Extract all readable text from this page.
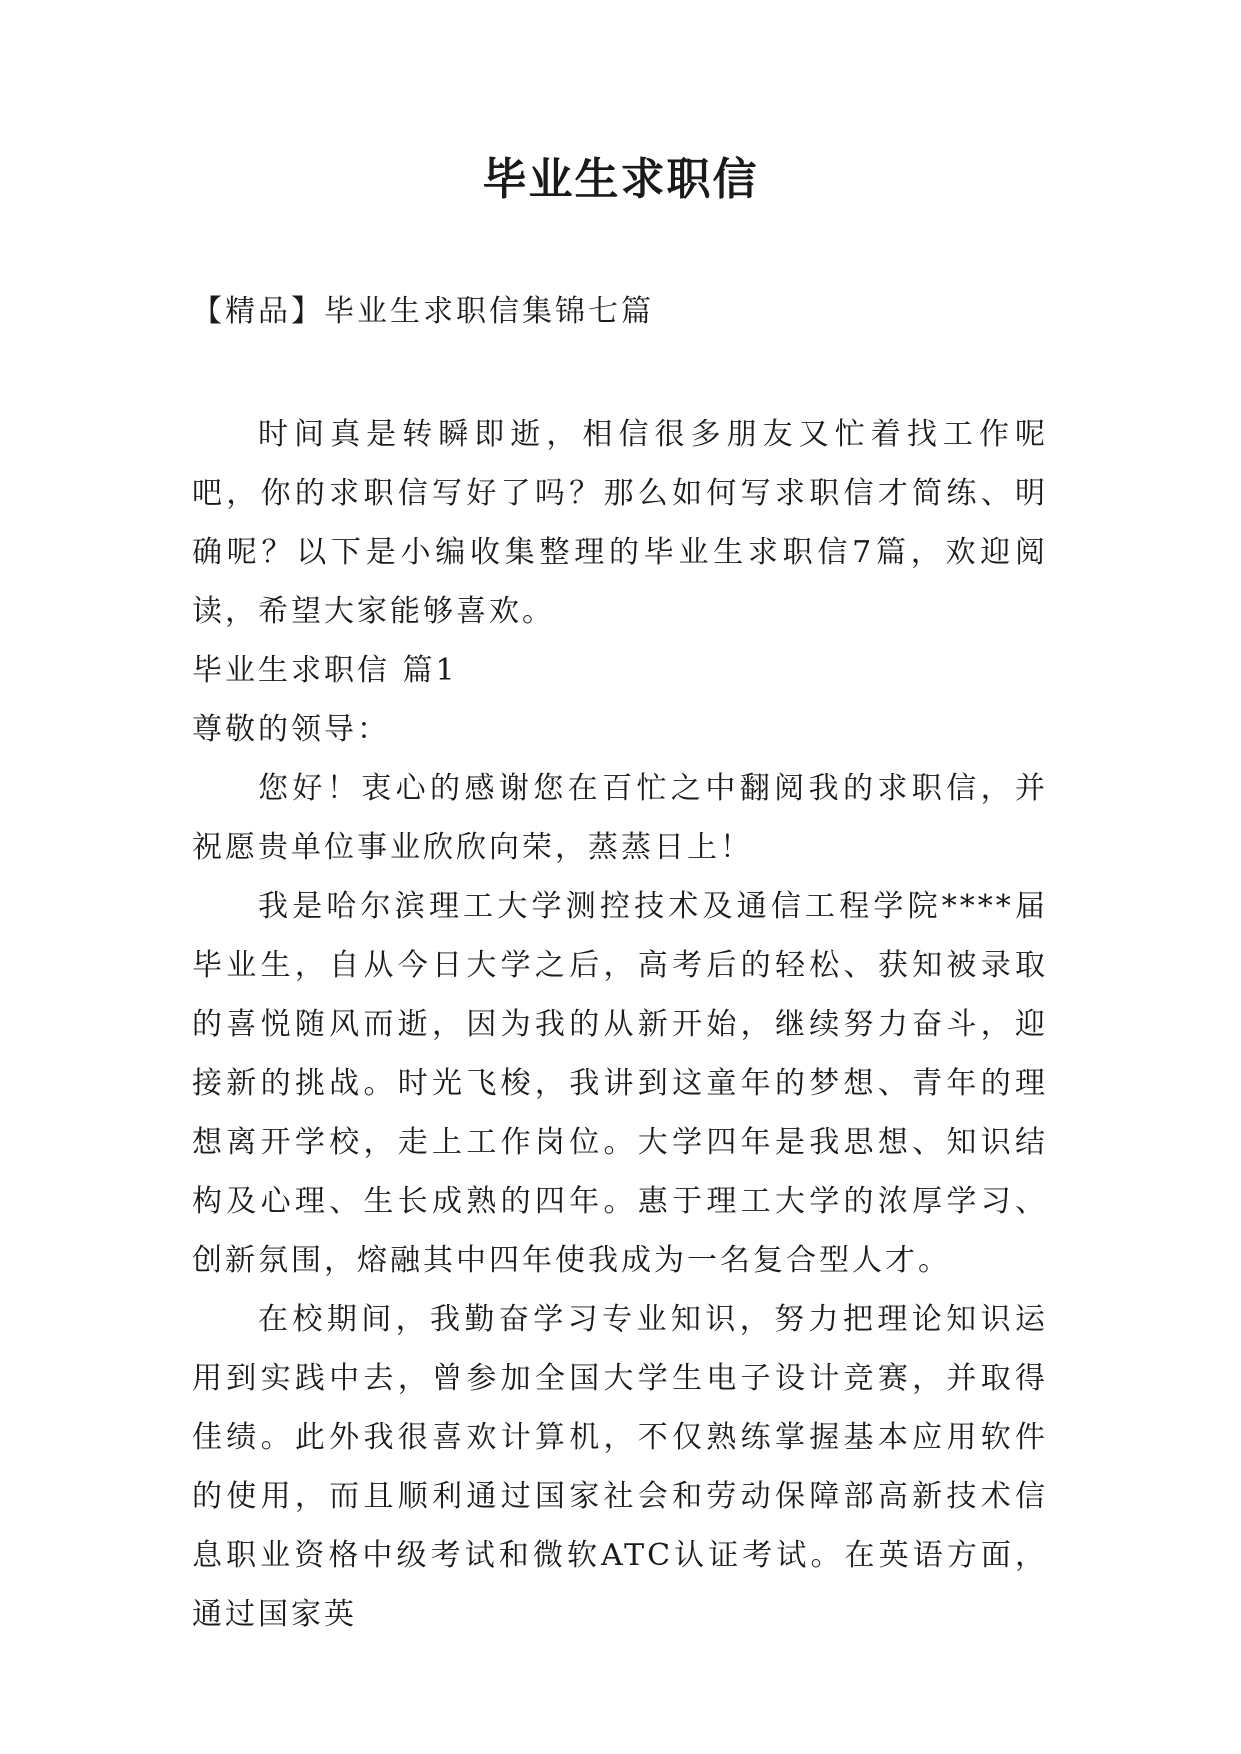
毕业生求职信
【精品】毕业生求职信集锦七篇

时间真是转瞬即逝，相信很多朋友又忙着找工作呢吧，你的求职信写好了吗？那么如何写求职信才简练、明确呢？以下是小编收集整理的毕业生求职信7篇，欢迎阅读，希望大家能够喜欢。

毕业生求职信 篇1

尊敬的领导：

您好！衷心的感谢您在百忙之中翻阅我的求职信，并祝愿贵单位事业欣欣向荣，蒸蒸日上！

我是哈尔滨理工大学测控技术及通信工程学院****届毕业生，自从今日大学之后，高考后的轻松、获知被录取的喜悦随风而逝，因为我的从新开始，继续努力奋斗，迎接新的挑战。时光飞梭，我讲到这童年的梦想、青年的理想离开学校，走上工作岗位。大学四年是我思想、知识结构及心理、生长成熟的四年。惠于理工大学的浓厚学习、创新氛围，熔融其中四年使我成为一名复合型人才。

在校期间，我勤奋学习专业知识，努力把理论知识运用到实践中去，曾参加全国大学生电子设计竞赛，并取得佳绩。此外我很喜欢计算机，不仅熟练掌握基本应用软件的使用，而且顺利通过国家社会和劳动保障部高新技术信息职业资格中级考试和微软ATC认证考试。在英语方面，通过国家英
